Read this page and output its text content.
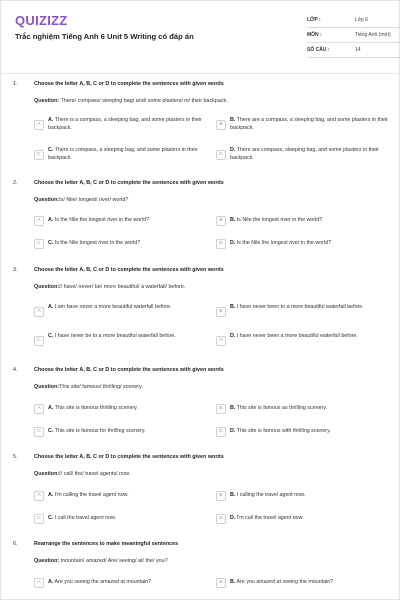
QUIZIZZ
Trắc nghiệm Tiếng Anh 6 Unit 5 Writing có đáp án
LỚP :	Lớp 6
MÔN :	Tiếng Anh (mới)
SỐ CÂU :	14
1.	Choose the letter A, B, C or D to complete the sentences with given words
Question: There/ compass/ sleeping bag/ and/ some plasters/ in/ their backpack.
A
A. There is a compass, a sleeping bag, and some plasters in their backpack.
B
B. There are a compass, a sleeping bag, and some plasters in their backpack.
C
C. There is compass, a sleeping bag, and some plasters in their backpack.
D
D. There are compass, sleeping bag, and some plasters in their backpack.
2.	Choose the letter A, B, C or D to complete the sentences with given words
Question:Is/ Nile/ longest/ river/ world?
A	A. Is the Nile the longest river in the world?	B	B. Is Nile the longest river in the world?
C	C. Is the Nile longest river in the world?	D	D. Is the Nile the longest river in the world?
3.	Choose the letter A, B, C or D to complete the sentences with given words
Question:I/ have/ never/ be/ more beautiful/ a waterfall/ before.
A
A. I am have never a more beautiful waterfall before.
B
B. I have never been to a more beautiful waterfall before.
C
C. I have never be to a more beautiful waterfall before.
D
D. I have never been a more beautiful waterfall before.
4.	Choose the letter A, B, C or D to complete the sentences with given words
Question:This site/ famous/ thrilling/ scenery.
A	A. This site is famous thrilling scenery.	B	B. This site is famous as thrilling scenery.
C	C. This site is famous for thrilling scenery.	D	D. This site is famous with thrilling scenery.
5.	Choose the letter A, B, C or D to complete the sentences with given words
Question:I/ call/ the/ travel agents/ now.
A	A. I'm calling the travel agent now.	B	B. I calling the travel agent now.
C	C. I call the travel agent now.	D	D. I'm call the travel agent now.
6.	Rearrange the sentences to make meaningful sentences
Question: mountain/ amazed/ Are/ seeing/ at/ the/ you?
A	A. Are you seeing the amazed at mountain?	B	B. Are you amazed at seeing the mountain?
